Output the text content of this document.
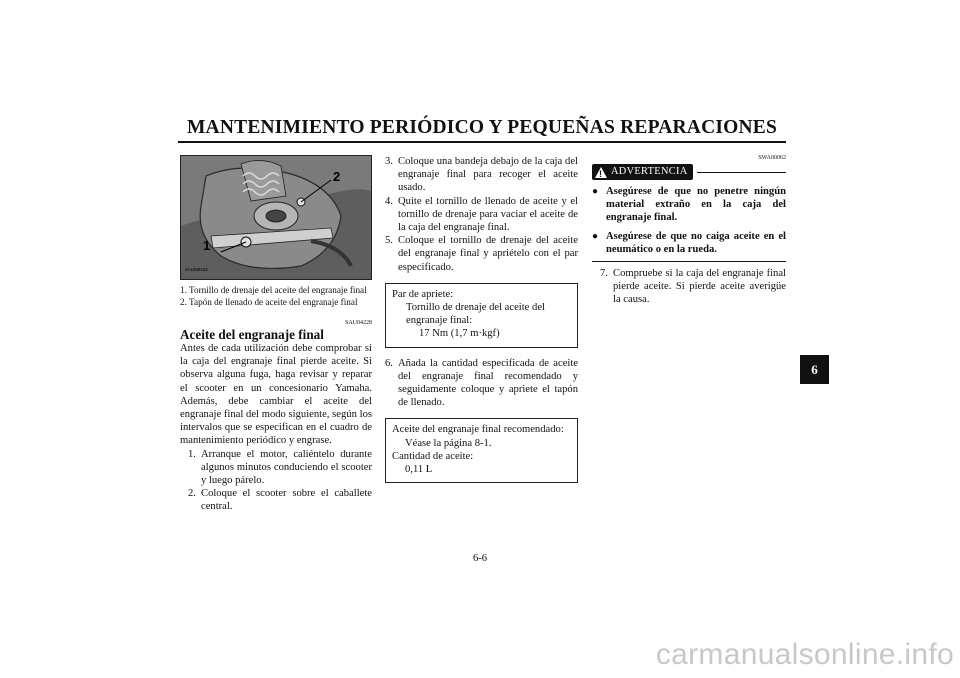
MANTENIMIENTO PERIÓDICO Y PEQUEÑAS REPARACIONES
2
1
ZAUM0163
1. Tornillo de drenaje del aceite del engranaje final
2. Tapón de llenado de aceite del engranaje final
SAU04228
Aceite del engranaje final
Antes de cada utilización debe comprobar si la caja del engranaje final pierde aceite. Si observa alguna fuga, haga revisar y reparar el scooter en un concesionario Yamaha. Además, debe cambiar el aceite del engranaje final del modo siguiente, según los intervalos que se especifican en el cuadro de mantenimiento periódico y engrase.
1. Arranque el motor, caliéntelo durante algunos minutos conduciendo el scooter y luego párelo.
2. Coloque el scooter sobre el caballete central.
3. Coloque una bandeja debajo de la caja del engranaje final para recoger el aceite usado.
4. Quite el tornillo de llenado de aceite y el tornillo de drenaje para vaciar el aceite de la caja del engranaje final.
5. Coloque el tornillo de drenaje del aceite del engranaje final y apriételo con el par especificado.
Par de apriete:
Tornillo de drenaje del aceite del
engranaje final:
17 Nm (1,7 m·kgf)
6. Añada la cantidad especificada de aceite del engranaje final recomendado y seguidamente coloque y apriete el tapón de llenado.
Aceite del engranaje final recomendado:
Véase la página 8-1.
Cantidad de aceite:
0,11 L
SWA00062
! ADVERTENCIA
● Asegúrese de que no penetre ningún material extraño en la caja del engranaje final.
● Asegúrese de que no caiga aceite en el neumático o en la rueda.
7. Compruebe si la caja del engranaje final pierde aceite. Si pierde aceite averigüe la causa.
6
6-6
carmanualsonline.info
